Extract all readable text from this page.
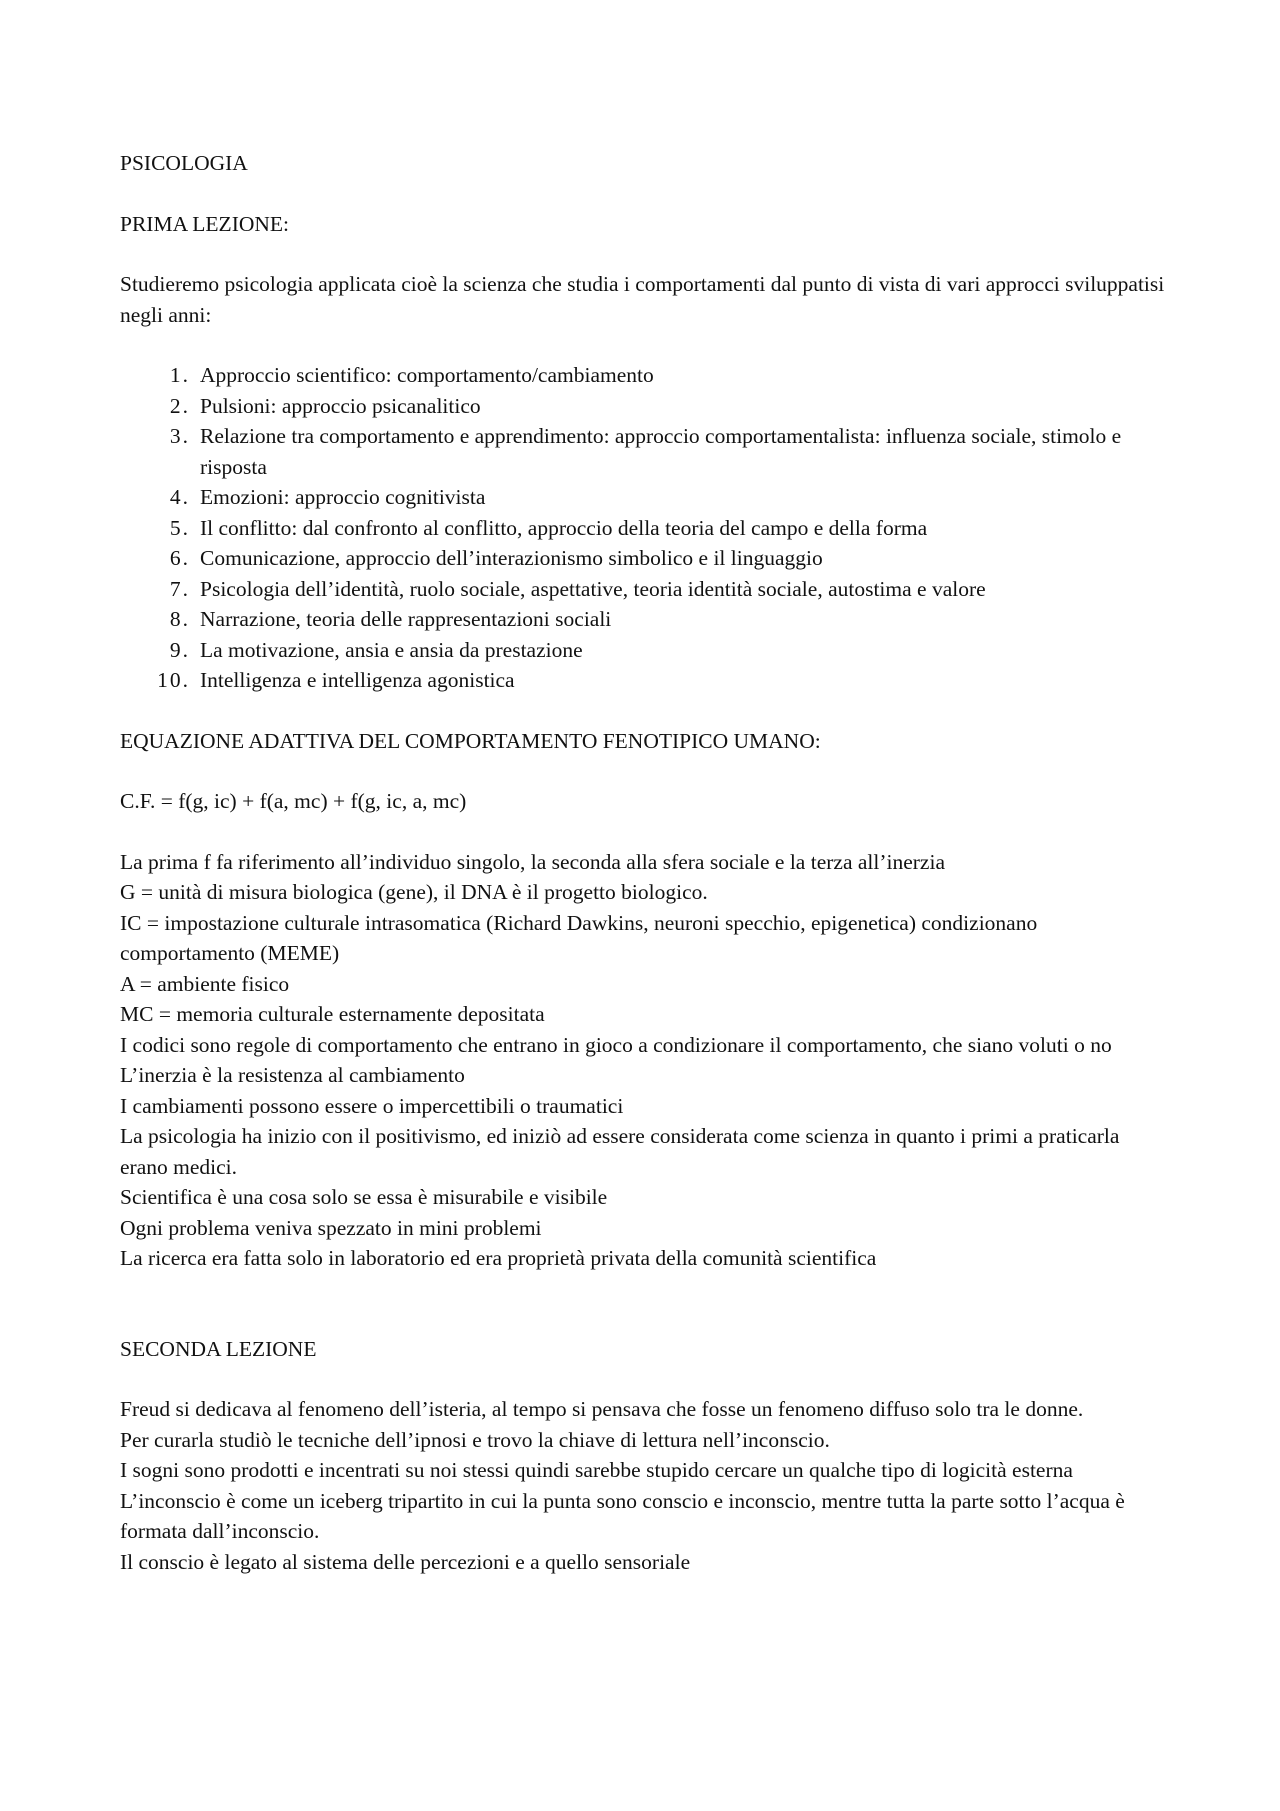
PSICOLOGIA

PRIMA LEZIONE:

Studieremo psicologia applicata cioè la scienza che studia i comportamenti dal punto di vista di vari approcci sviluppatisi negli anni:

1. Approccio scientifico: comportamento/cambiamento
2. Pulsioni: approccio psicanalitico
3. Relazione tra comportamento e apprendimento: approccio comportamentalista: influenza sociale, stimolo e risposta
4. Emozioni: approccio cognitivista
5. Il conflitto: dal confronto al conflitto, approccio della teoria del campo e della forma
6. Comunicazione, approccio dell’interazionismo simbolico e il linguaggio
7. Psicologia dell’identità, ruolo sociale, aspettative, teoria identità sociale, autostima e valore
8. Narrazione, teoria delle rappresentazioni sociali
9. La motivazione, ansia e ansia da prestazione
10. Intelligenza e intelligenza agonistica

EQUAZIONE ADATTIVA DEL COMPORTAMENTO FENOTIPICO UMANO:

C.F. = f(g, ic) + f(a, mc) + f(g, ic, a, mc)

La prima f fa riferimento all’individuo singolo, la seconda alla sfera sociale e la terza all’inerzia

G = unità di misura biologica (gene), il DNA è il progetto biologico.

IC = impostazione culturale intrasomatica (Richard Dawkins, neuroni specchio, epigenetica) condizionano comportamento (MEME)

A = ambiente fisico

MC = memoria culturale esternamente depositata

I codici sono regole di comportamento che entrano in gioco a condizionare il comportamento, che siano voluti o no

L’inerzia è la resistenza al cambiamento

I cambiamenti possono essere o impercettibili o traumatici

La psicologia ha inizio con il positivismo, ed iniziò ad essere considerata come scienza in quanto i primi a praticarla erano medici.

Scientifica è una cosa solo se essa è misurabile e visibile

Ogni problema veniva spezzato in mini problemi

La ricerca era fatta solo in laboratorio ed era proprietà privata della comunità scientifica

SECONDA LEZIONE

Freud si dedicava al fenomeno dell’isteria, al tempo si pensava che fosse un fenomeno diffuso solo tra le donne.

Per curarla studiò le tecniche dell’ipnosi e trovo la chiave di lettura nell’inconscio.

I sogni sono prodotti e incentrati su noi stessi quindi sarebbe stupido cercare un qualche tipo di logicità esterna

L’inconscio è come un iceberg tripartito in cui la punta sono conscio e inconscio, mentre tutta la parte sotto l’acqua è formata dall’inconscio.

Il conscio è legato al sistema delle percezioni e a quello sensoriale
